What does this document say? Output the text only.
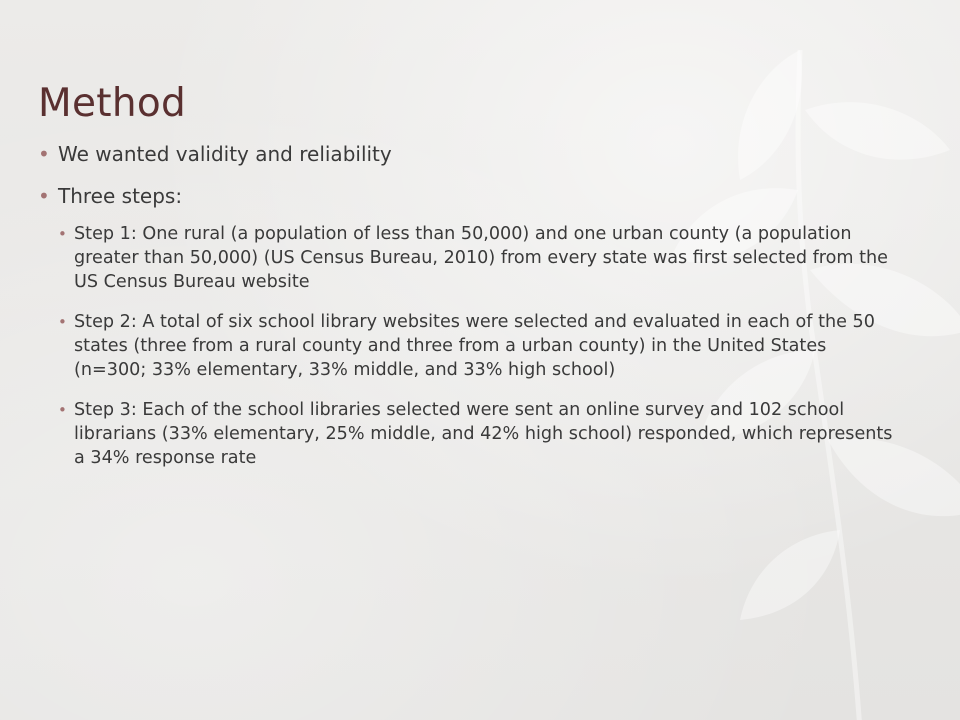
Method
• We wanted validity and reliability
• Three steps:
• Step 1: One rural (a population of less than 50,000) and one urban county (a population greater than 50,000) (US Census Bureau, 2010) from every state was first selected from the US Census Bureau website
• Step 2: A total of six school library websites were selected and evaluated in each of the 50 states (three from a rural county and three from a urban county) in the United States (n=300; 33% elementary, 33% middle, and 33% high school)
• Step 3: Each of the school libraries selected were sent an online survey and 102 school librarians (33% elementary, 25% middle, and 42% high school) responded, which represents a 34% response rate
